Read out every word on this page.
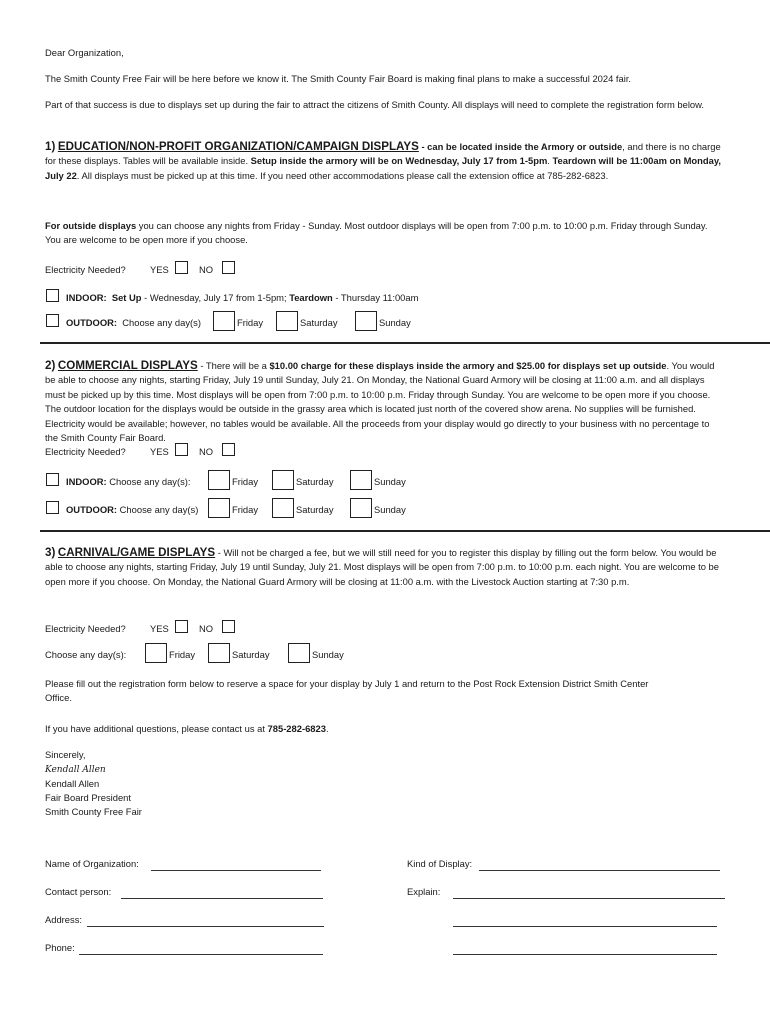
Dear Organization,

The Smith County Free Fair will be here before we know it. The Smith County Fair Board is making final plans to make a successful 2024 fair.

Part of that success is due to displays set up during the fair to attract the citizens of Smith County. All displays will need to complete the registration form below.

1) EDUCATION/NON-PROFIT ORGANIZATION/CAMPAIGN DISPLAYS - can be located inside the Armory or outside, and there is no charge for these displays. Tables will be available inside. Setup inside the armory will be on Wednesday, July 17 from 1-5pm. Teardown will be 11:00am on Monday, July 22. All displays must be picked up at this time. If you need other accommodations please call the extension office at 785-282-6823.

For outside displays you can choose any nights from Friday - Sunday. Most outdoor displays will be open from 7:00 p.m. to 10:00 p.m. Friday through Sunday. You are welcome to be open more if you choose.

Electricity Needed?	YES	NO
INDOOR: Set Up - Wednesday, July 17 from 1-5pm; Teardown - Thursday 11:00am
OUTDOOR: Choose any day(s)	Friday	Saturday	Sunday

2) COMMERCIAL DISPLAYS - There will be a $10.00 charge for these displays inside the armory and $25.00 for displays set up outside. You would be able to choose any nights, starting Friday, July 19 until Sunday, July 21. On Monday, the National Guard Armory will be closing at 11:00 a.m. and all displays must be picked up by this time. Most displays will be open from 7:00 p.m. to 10:00 p.m. Friday through Sunday. You are welcome to be open more if you choose. The outdoor location for the displays would be outside in the grassy area which is located just north of the covered show arena. No supplies will be furnished. Electricity would be available; however, no tables would be available. All the proceeds from your display would go directly to your business with no percentage to the Smith County Fair Board.

Electricity Needed?	YES	NO
INDOOR: Choose any day(s):	Friday	Saturday	Sunday
OUTDOOR: Choose any day(s)	Friday	Saturday	Sunday

3) CARNIVAL/GAME DISPLAYS - Will not be charged a fee, but we will still need for you to register this display by filling out the form below. You would be able to choose any nights, starting Friday, July 19 until Sunday, July 21. Most displays will be open from 7:00 p.m. to 10:00 p.m. each night. You are welcome to be open more if you choose. On Monday, the National Guard Armory will be closing at 11:00 a.m. with the Livestock Auction starting at 7:30 p.m.

Electricity Needed?	YES	NO
Choose any day(s):	Friday	Saturday	Sunday

Please fill out the registration form below to reserve a space for your display by July 1 and return to the Post Rock Extension District Smith Center Office.

If you have additional questions, please contact us at 785-282-6823.

Sincerely,

Kendall Allen

Kendall Allen

Fair Board President

Smith County Free Fair

Name of Organization:	Kind of Display:
Contact person:	Explain:
Address:
Phone:
